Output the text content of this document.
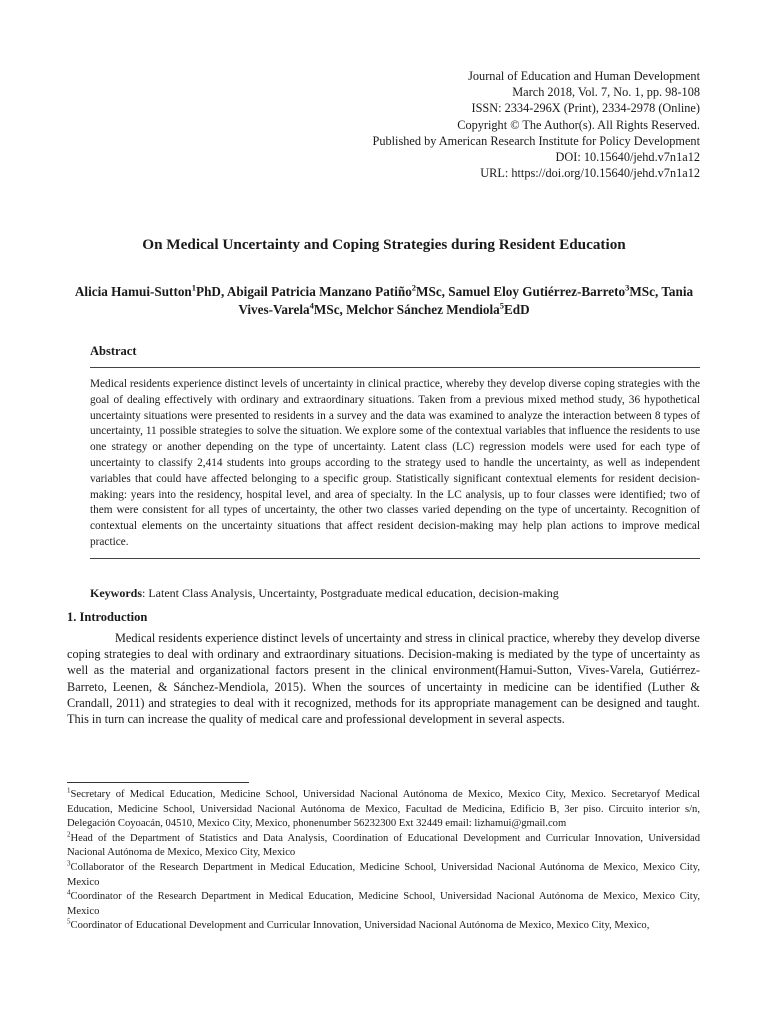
Journal of Education and Human Development
March 2018, Vol. 7, No. 1, pp. 98-108
ISSN: 2334-296X (Print), 2334-2978 (Online)
Copyright © The Author(s). All Rights Reserved.
Published by American Research Institute for Policy Development
DOI: 10.15640/jehd.v7n1a12
URL: https://doi.org/10.15640/jehd.v7n1a12
On Medical Uncertainty and Coping Strategies during Resident Education
Alicia Hamui-Sutton$^1$PhD, Abigail Patricia Manzano Patiño$^2$MSc, Samuel Eloy Gutiérrez-Barreto$^3$MSc, Tania Vives-Varela$^4$MSc, Melchor Sánchez Mendiola$^5$EdD
Abstract

Medical residents experience distinct levels of uncertainty in clinical practice, whereby they develop diverse coping strategies with the goal of dealing effectively with ordinary and extraordinary situations. Taken from a previous mixed method study, 36 hypothetical uncertainty situations were presented to residents in a survey and the data was examined to analyze the interaction between 8 types of uncertainty, 11 possible strategies to solve the situation. We explore some of the contextual variables that influence the residents to use one strategy or another depending on the type of uncertainty. Latent class (LC) regression models were used for each type of uncertainty to classify 2,414 students into groups according to the strategy used to handle the uncertainty, as well as independent variables that could have affected belonging to a specific group. Statistically significant contextual elements for resident decision-making: years into the residency, hospital level, and area of specialty. In the LC analysis, up to four classes were identified; two of them were consistent for all types of uncertainty, the other two classes varied depending on the type of uncertainty. Recognition of contextual elements on the uncertainty situations that affect resident decision-making may help plan actions to improve medical practice.

Keywords: Latent Class Analysis, Uncertainty, Postgraduate medical education, decision-making
1. Introduction

Medical residents experience distinct levels of uncertainty and stress in clinical practice, whereby they develop diverse coping strategies to deal with ordinary and extraordinary situations. Decision-making is mediated by the type of uncertainty as well as the material and organizational factors present in the clinical environment(Hamui-Sutton, Vives-Varela, Gutiérrez-Barreto, Leenen, & Sánchez-Mendiola, 2015). When the sources of uncertainty in medicine can be identified (Luther & Crandall, 2011) and strategies to deal with it recognized, methods for its appropriate management can be designed and taught. This in turn can increase the quality of medical care and professional development in several aspects.

$^1$Secretary of Medical Education, Medicine School, Universidad Nacional Autónoma de Mexico, Mexico City, Mexico. Secretaryof Medical Education, Medicine School, Universidad Nacional Autónoma de Mexico, Facultad de Medicina, Edificio B, 3er piso. Circuito interior s/n, Delegación Coyoacán, 04510, Mexico City, Mexico, phonenumber 56232300 Ext 32449 email: lizhamui@gmail.com

$^2$Head of the Department of Statistics and Data Analysis, Coordination of Educational Development and Curricular Innovation, Universidad Nacional Autónoma de Mexico, Mexico City, Mexico

$^3$Collaborator of the Research Department in Medical Education, Medicine School, Universidad Nacional Autónoma de Mexico, Mexico City, Mexico

$^4$Coordinator of the Research Department in Medical Education, Medicine School, Universidad Nacional Autónoma de Mexico, Mexico City, Mexico

$^5$Coordinator of Educational Development and Curricular Innovation, Universidad Nacional Autónoma de Mexico, Mexico City, Mexico,
